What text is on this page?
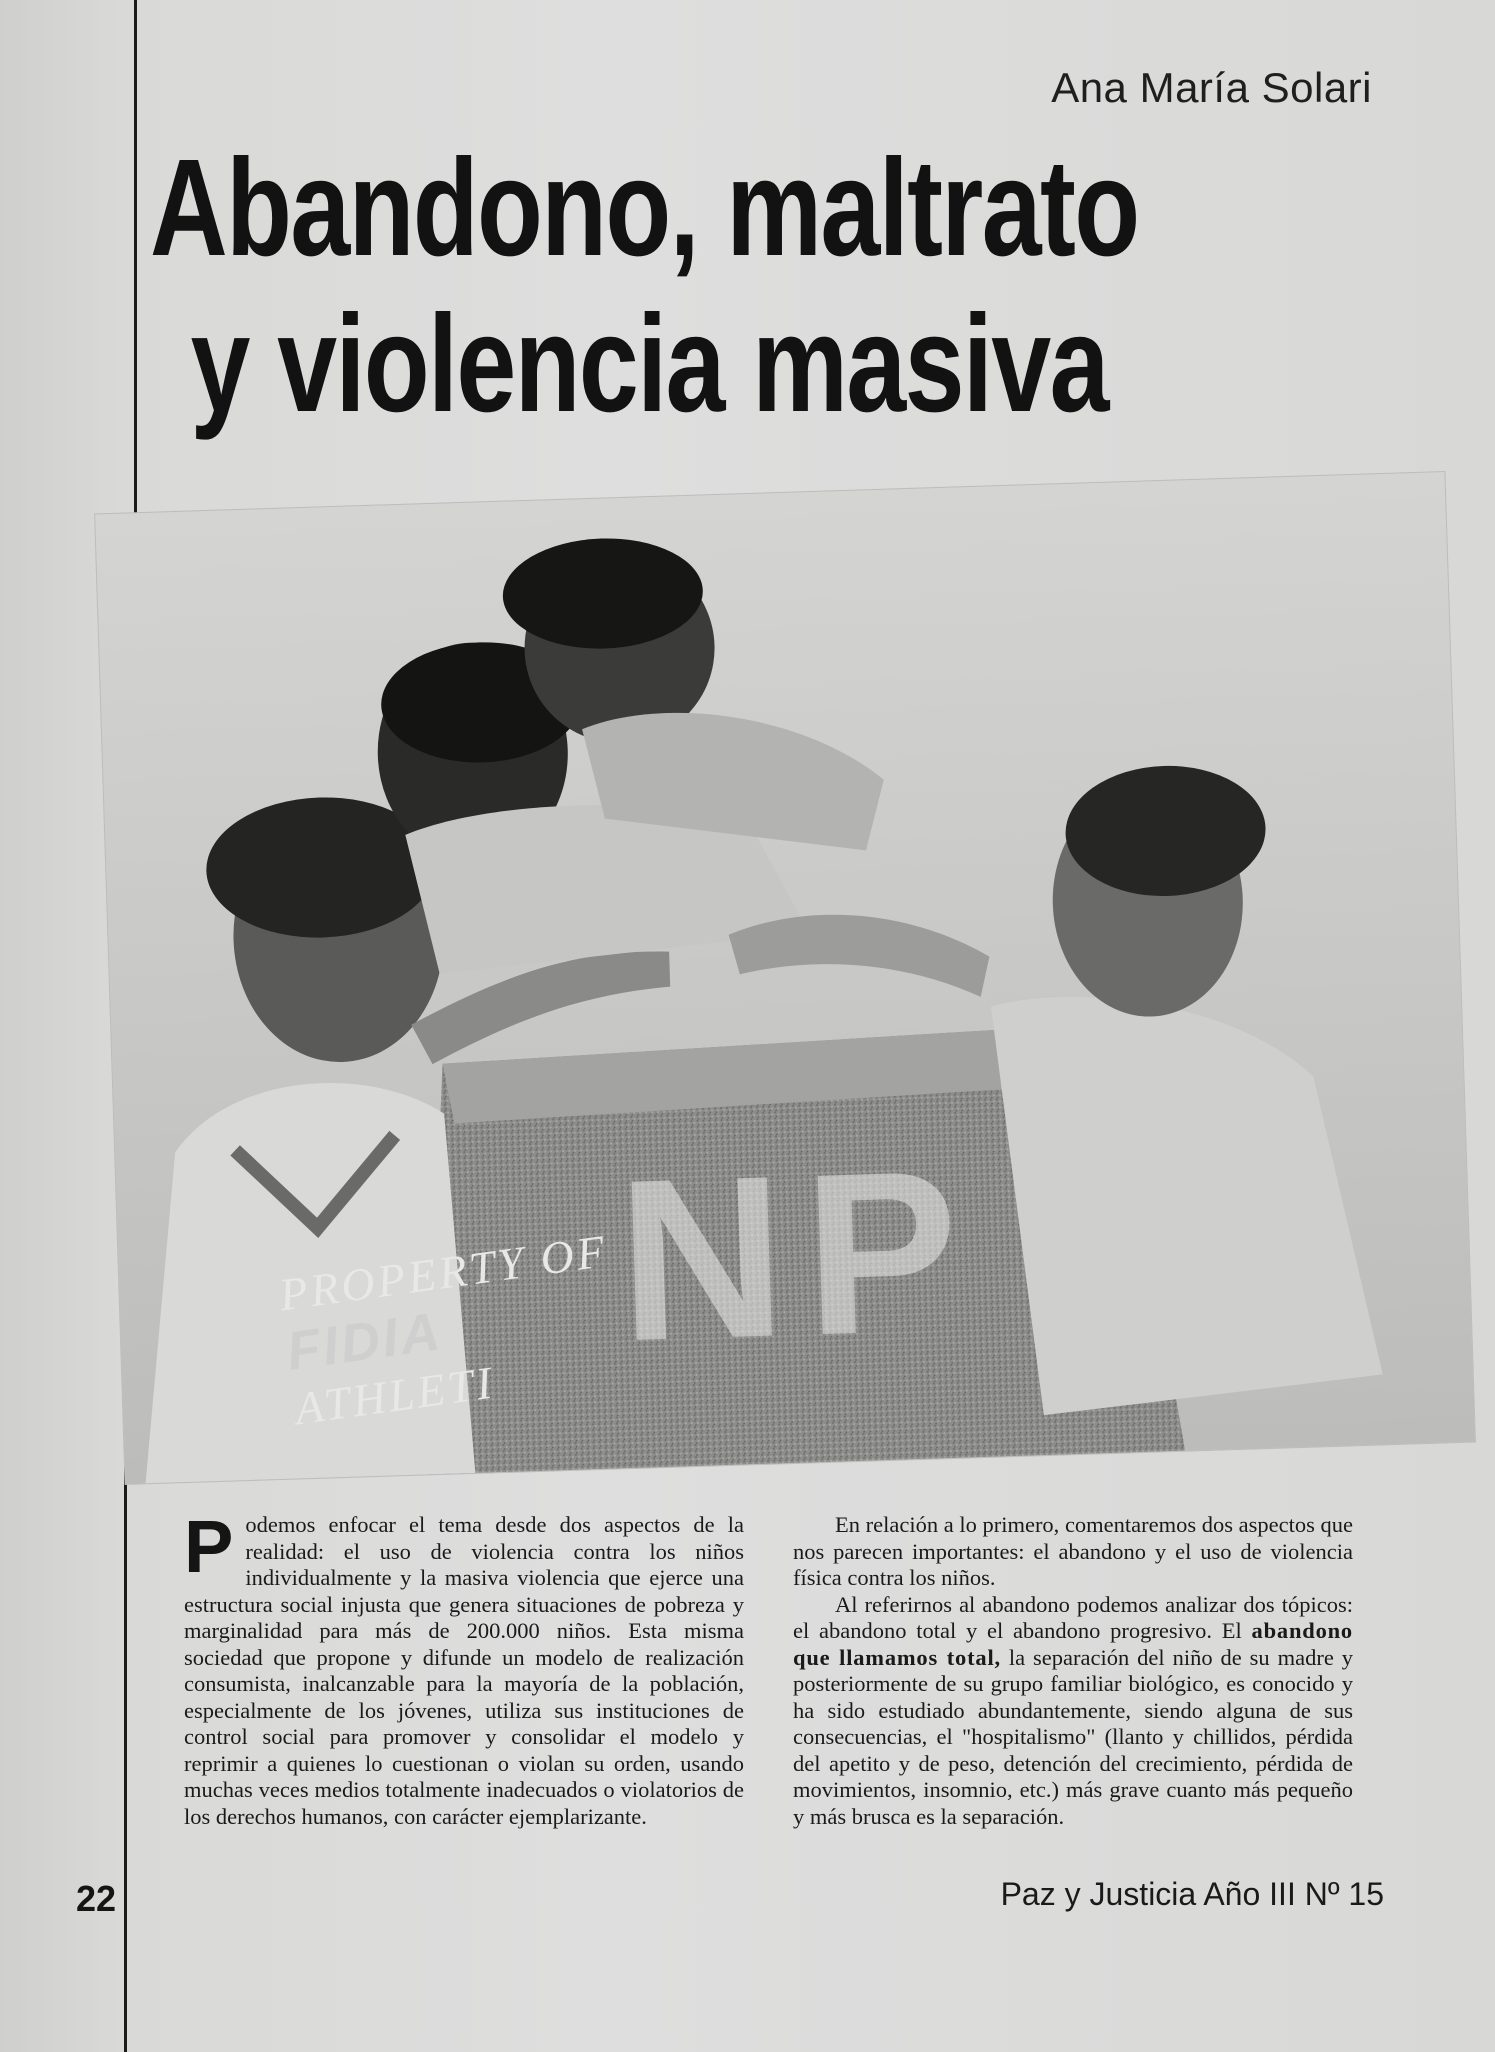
Ana María Solari
Abandono, maltrato
y violencia masiva
NP
PROPERTY OF
FIDIA
ATHLETI

Podemos enfocar el tema desde dos aspectos de la realidad: el uso de violencia contra los niños individualmente y la masiva violencia que ejerce una estructura social injusta que genera situaciones de pobreza y marginalidad para más de 200.000 niños. Esta misma sociedad que propone y difunde un modelo de realización consumista, inalcanzable para la mayoría de la población, especialmente de los jóvenes, utiliza sus instituciones de control social para promover y consolidar el modelo y reprimir a quienes lo cuestionan o violan su orden, usando muchas veces medios totalmente inadecuados o violatorios de los derechos humanos, con carácter ejemplarizante.

En relación a lo primero, comentaremos dos aspectos que nos parecen importantes: el abandono y el uso de violencia física contra los niños.

Al referirnos al abandono podemos analizar dos tópicos: el abandono total y el abandono progresivo. El abandono que llamamos total, la separación del niño de su madre y posteriormente de su grupo familiar biológico, es conocido y ha sido estudiado abundantemente, siendo alguna de sus consecuencias, el "hospitalismo" (llanto y chillidos, pérdida del apetito y de peso, detención del crecimiento, pérdida de movimientos, insomnio, etc.) más grave cuanto más pequeño y más brusca es la separación.

22	Paz y Justicia Año III Nº 15
